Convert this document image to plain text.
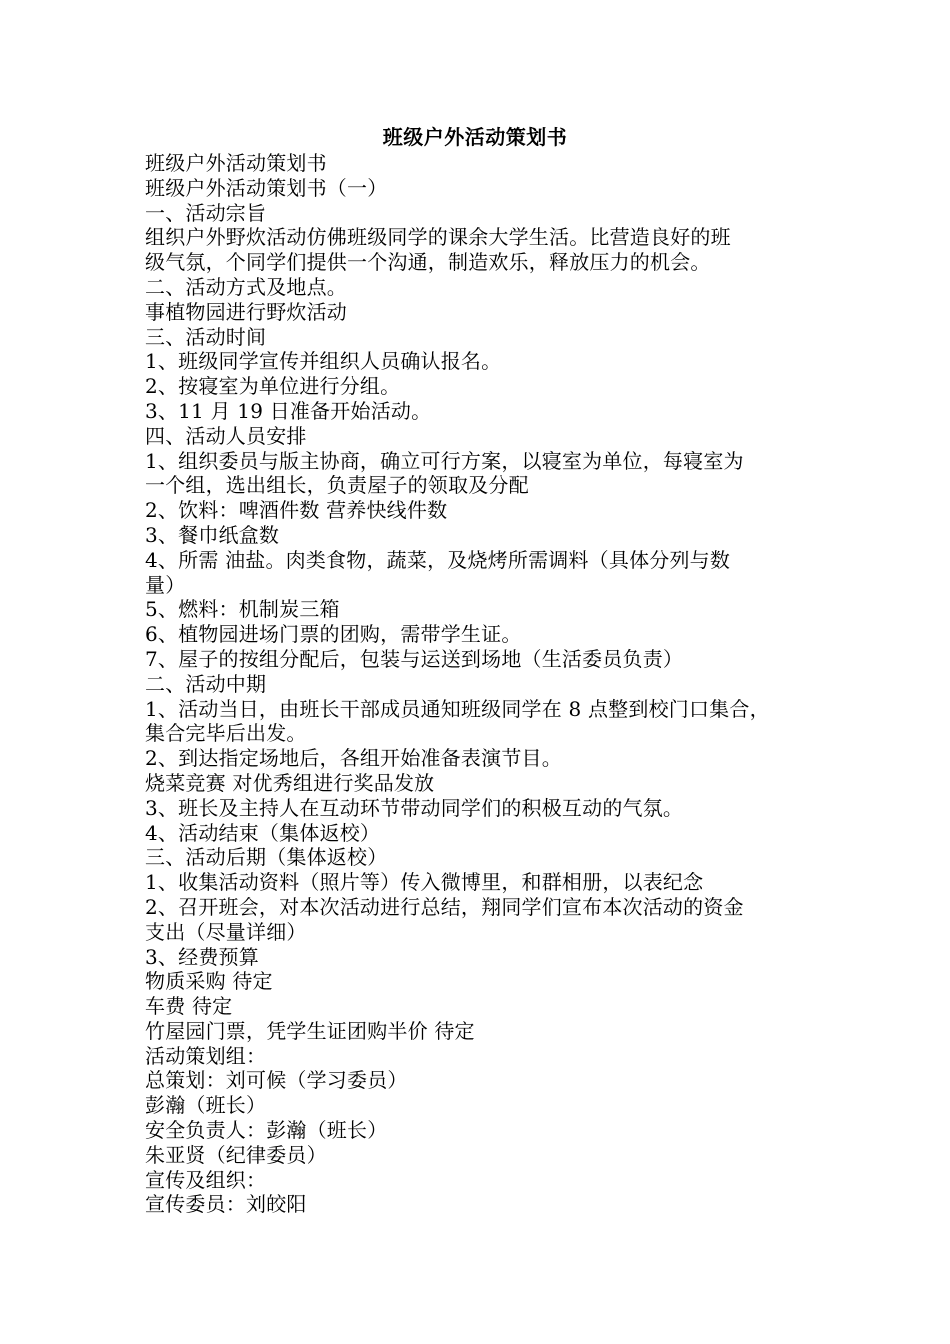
班级户外活动策划书
班级户外活动策划书
班级户外活动策划书（一）
一、活动宗旨
组织户外野炊活动仿佛班级同学的课余大学生活。比营造良好的班
级气氛，个同学们提供一个沟通，制造欢乐，释放压力的机会。
二、活动方式及地点。
事植物园进行野炊活动
三、活动时间
1、班级同学宣传并组织人员确认报名。
2、按寝室为单位进行分组。
3、11 月 19 日准备开始活动。
四、活动人员安排
1、组织委员与版主协商，确立可行方案，以寝室为单位，每寝室为
一个组，选出组长，负责屋子的领取及分配
2、饮料：啤酒件数 营养快线件数
3、餐巾纸盒数
4、所需 油盐。肉类食物，蔬菜，及烧烤所需调料（具体分列与数
量）
5、燃料：机制炭三箱
6、植物园进场门票的团购，需带学生证。
7、屋子的按组分配后，包装与运送到场地（生活委员负责）
二、活动中期
1、活动当日，由班长干部成员通知班级同学在 8 点整到校门口集合，
集合完毕后出发。
2、到达指定场地后，各组开始准备表演节目。
烧菜竞赛 对优秀组进行奖品发放
3、班长及主持人在互动环节带动同学们的积极互动的气氛。
4、活动结束（集体返校）
三、活动后期（集体返校）
1、收集活动资料（照片等）传入微博里，和群相册，以表纪念
2、召开班会，对本次活动进行总结，翔同学们宣布本次活动的资金
支出（尽量详细）
3、经费预算
物质采购 待定
车费 待定
竹屋园门票，凭学生证团购半价 待定
活动策划组：
总策划：刘可候（学习委员）
彭瀚（班长）
安全负责人：彭瀚（班长）
朱亚贤（纪律委员）
宣传及组织：
宣传委员：刘皎阳
